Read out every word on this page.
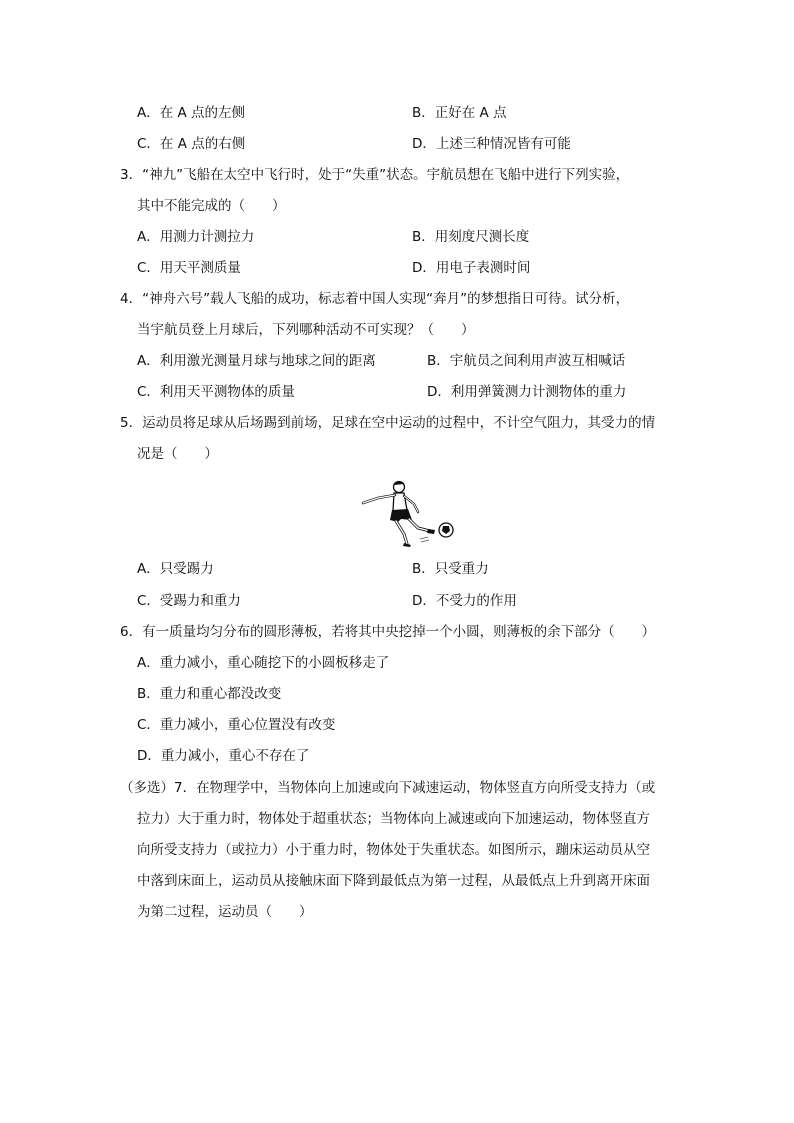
A．在 A 点的左侧	B．正好在 A 点
C．在 A 点的右侧	D．上述三种情况皆有可能
3．“神九”飞船在太空中飞行时，处于“失重”状态。宇航员想在飞船中进行下列实验，
其中不能完成的（　　）
A．用测力计测拉力	B．用刻度尺测长度
C．用天平测质量	D．用电子表测时间
4．“神舟六号”载人飞船的成功，标志着中国人实现“奔月”的梦想指日可待。试分析，
当宇航员登上月球后，下列哪种活动不可实现？（　　）
A．利用激光测量月球与地球之间的距离	B．宇航员之间利用声波互相喊话
C．利用天平测物体的质量	D．利用弹簧测力计测物体的重力
5．运动员将足球从后场踢到前场，足球在空中运动的过程中，不计空气阻力，其受力的情
况是（　　）
A．只受踢力	B．只受重力
C．受踢力和重力	D．不受力的作用
6．有一质量均匀分布的圆形薄板，若将其中央挖掉一个小圆，则薄板的余下部分（　　）
A．重力减小，重心随挖下的小圆板移走了
B．重力和重心都没改变
C．重力减小，重心位置没有改变
D．重力减小，重心不存在了
（多选）7．在物理学中，当物体向上加速或向下减速运动，物体竖直方向所受支持力（或
拉力）大于重力时，物体处于超重状态；当物体向上减速或向下加速运动，物体竖直方
向所受支持力（或拉力）小于重力时，物体处于失重状态。如图所示，蹦床运动员从空
中落到床面上，运动员从接触床面下降到最低点为第一过程，从最低点上升到离开床面
为第二过程，运动员（　　）
